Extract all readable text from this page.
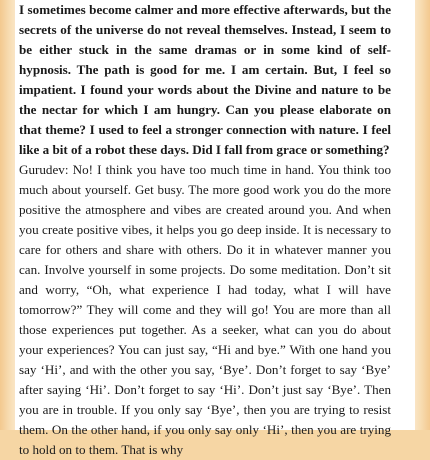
I sometimes become calmer and more effective afterwards, but the secrets of the universe do not reveal themselves. Instead, I seem to be either stuck in the same dramas or in some kind of self-hypnosis. The path is good for me. I am certain. But, I feel so impatient. I found your words about the Divine and nature to be the nectar for which I am hungry. Can you please elaborate on that theme? I used to feel a stronger connection with nature. I feel like a bit of a robot these days. Did I fall from grace or something?

Gurudev: No! I think you have too much time in hand. You think too much about yourself. Get busy. The more good work you do the more positive the atmosphere and vibes are created around you. And when you create positive vibes, it helps you go deep inside. It is necessary to care for others and share with others. Do it in whatever manner you can. Involve yourself in some projects. Do some meditation. Don’t sit and worry, “Oh, what experience I had today, what I will have tomorrow?” They will come and they will go! You are more than all those experiences put together. As a seeker, what can you do about your experiences? You can just say, “Hi and bye.” With one hand you say ‘Hi’, and with the other you say, ‘Bye’. Don’t forget to say ‘Bye’ after saying ‘Hi’. Don’t forget to say ‘Hi’. Don’t just say ‘Bye’. Then you are in trouble. If you only say ‘Bye’, then you are trying to resist them. On the other hand, if you only say only ‘Hi’, then you are trying to hold on to them. That is why
